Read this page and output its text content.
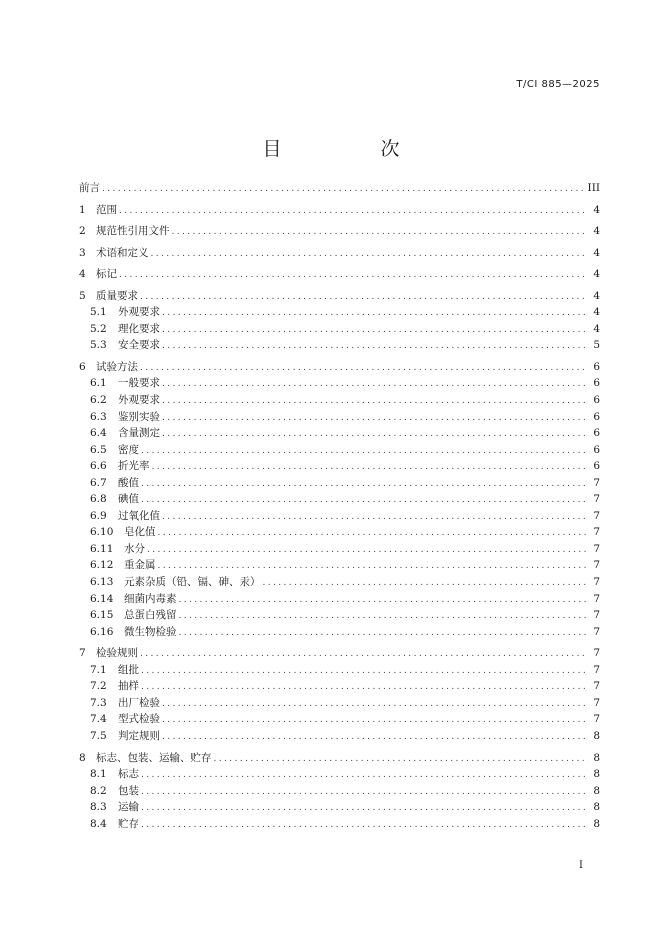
T/CI 885—2025
目　次
前言 .....	III
1 范围 .....	4
2 规范性引用文件 .....	4
3 术语和定义 .....	4
4 标记 .....	4
5 质量要求 .....	4
5.1	外观要求 .....	4
5.2	理化要求 .....	4
5.3	安全要求 .....	5
6 试验方法 .....	6
6.1	一般要求 .....	6
6.2	外观要求 .....	6
6.3	鉴别实验 .....	6
6.4	含量测定 .....	6
6.5	密度 .....	6
6.6	折光率 .....	6
6.7	酸值 .....	7
6.8	碘值 .....	7
6.9	过氧化值 .....	7
6.10	皂化值 .....	7
6.11	水分 .....	7
6.12	重金属 .....	7
6.13	元素杂质（铅、镉、砷、汞） .....	7
6.14	细菌内毒素 .....	7
6.15	总蛋白残留 .....	7
6.16	微生物检验 .....	7
7 检验规则 .....	7
7.1	组批 .....	7
7.2	抽样 .....	7
7.3	出厂检验 .....	7
7.4	型式检验 .....	7
7.5	判定规则 .....	8
8 标志、包装、运输、贮存 .....	8
8.1	标志 .....	8
8.2	包装 .....	8
8.3	运输 .....	8
8.4	贮存 .....	8
I
